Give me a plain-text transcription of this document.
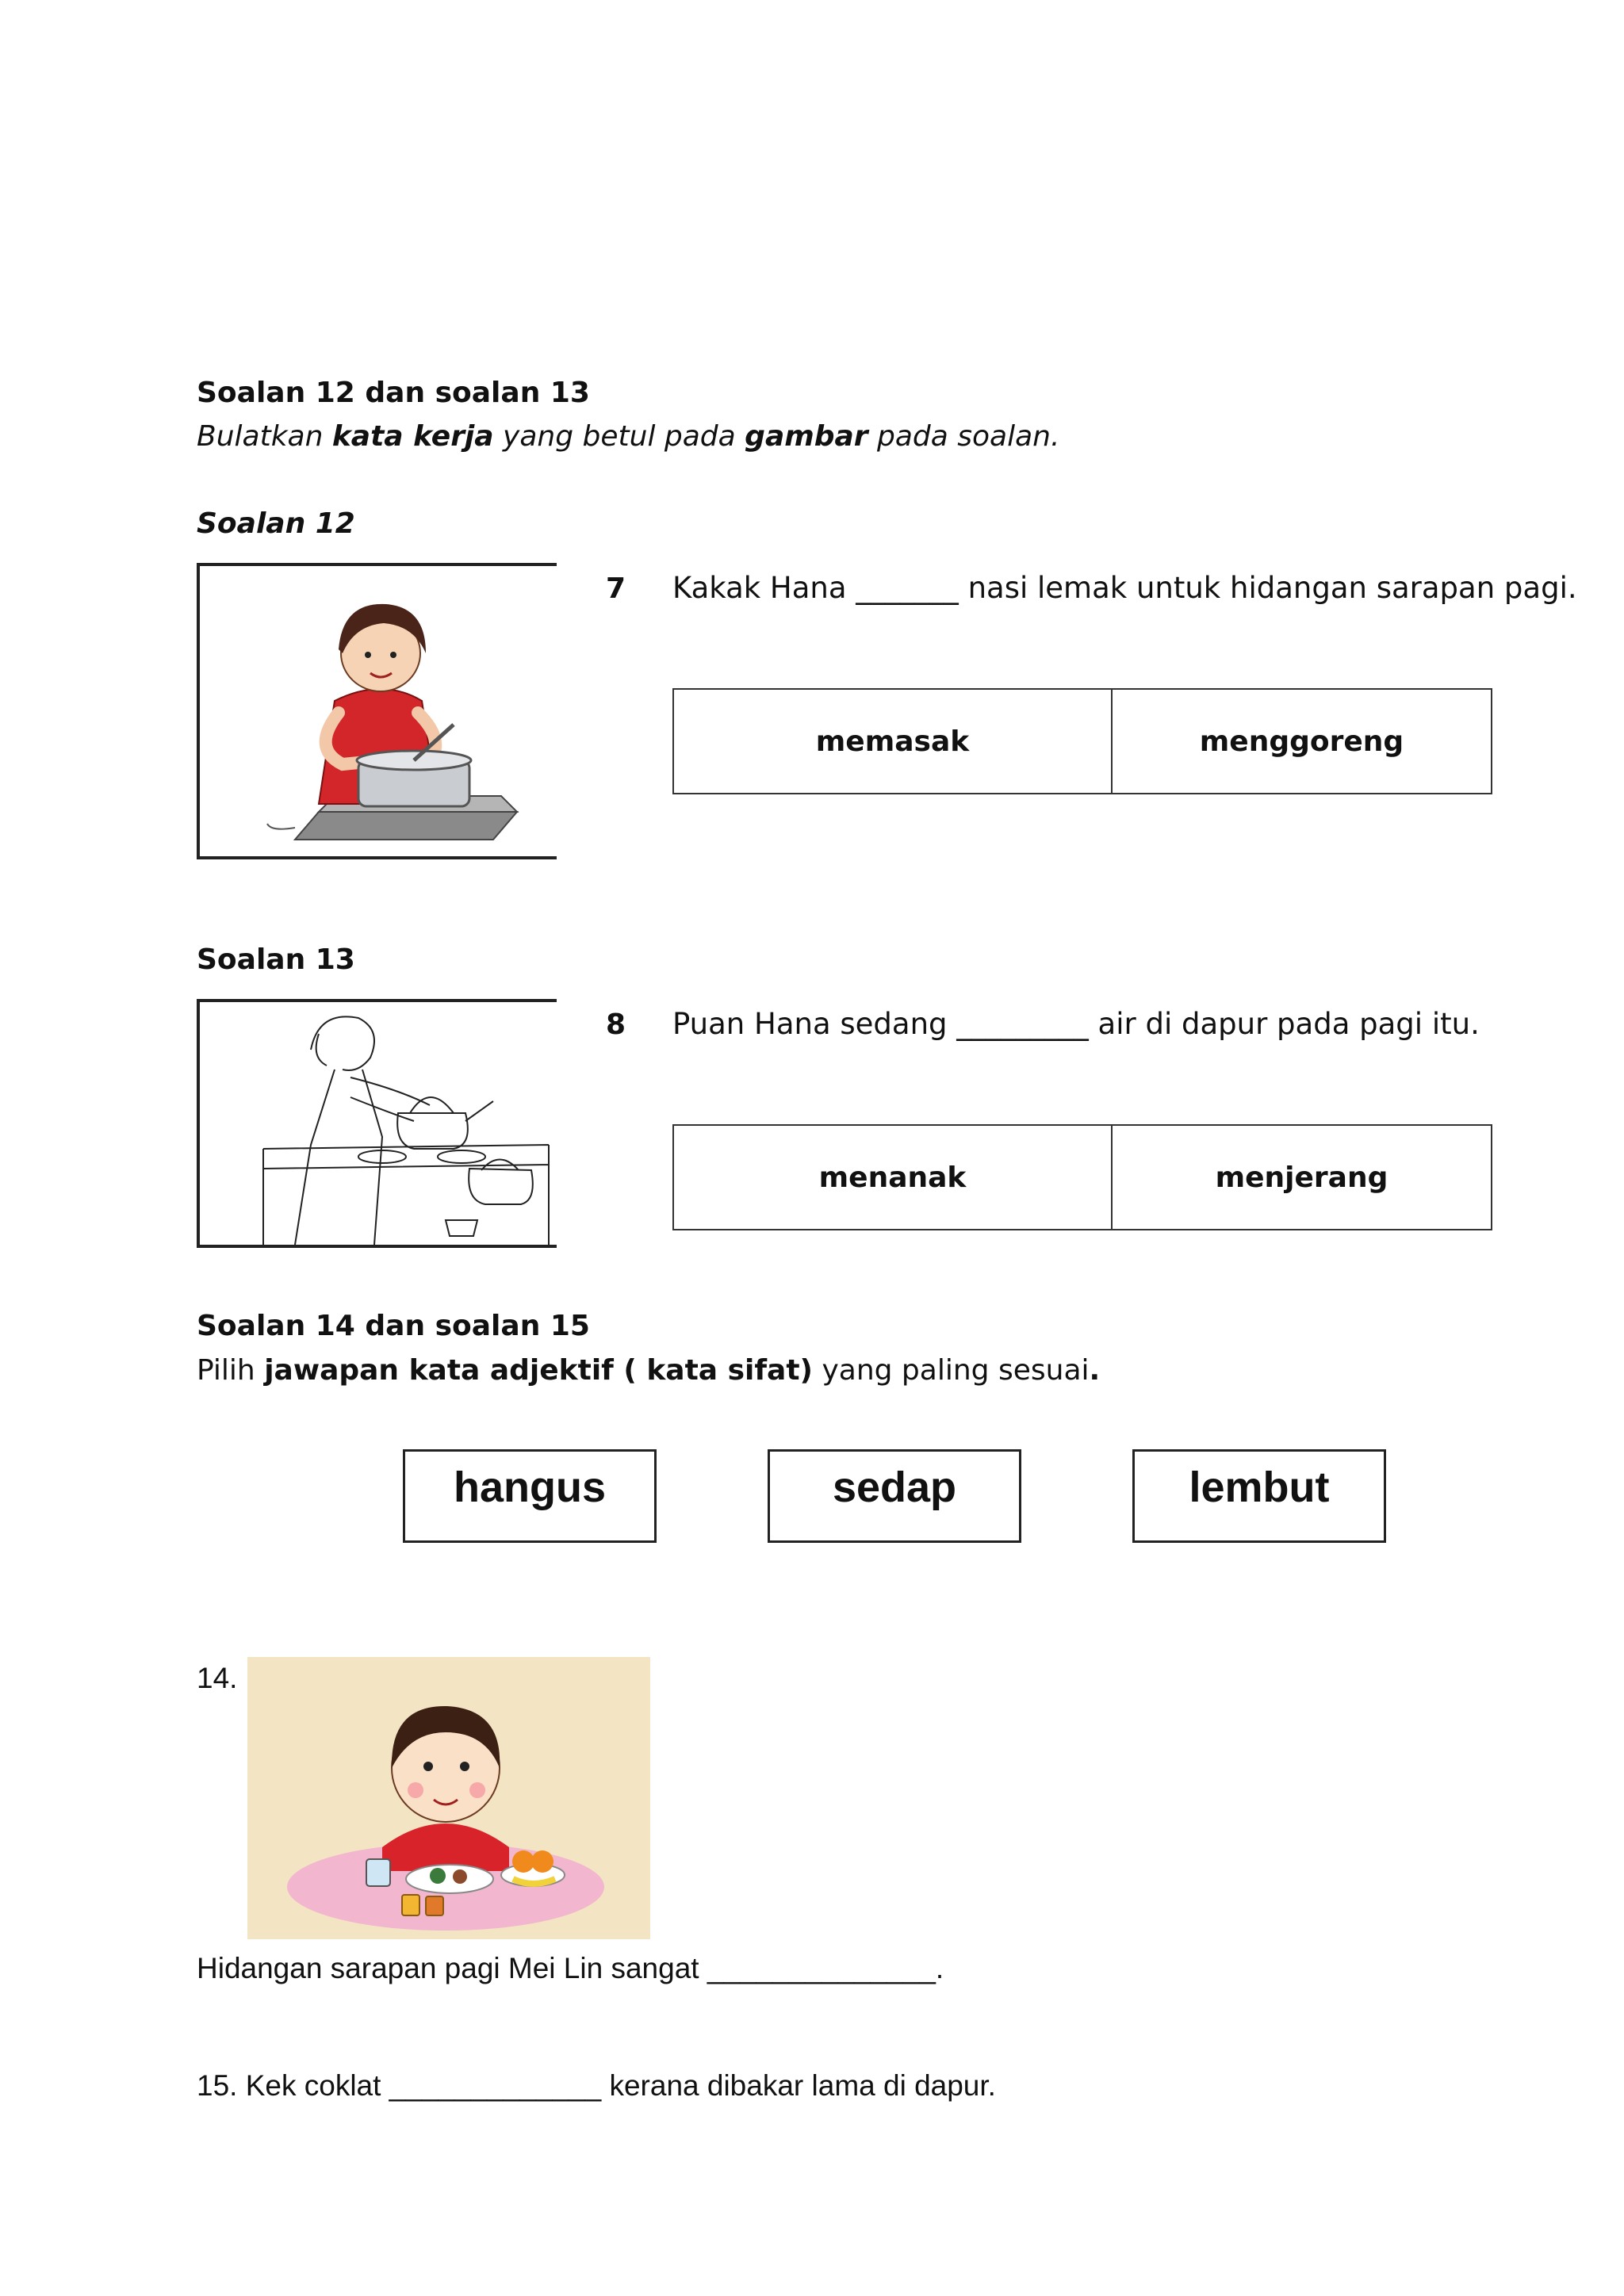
Soalan 12 dan soalan 13
Bulatkan kata kerja yang betul pada gambar pada soalan.
Soalan 12
7 Kakak Hana _______ nasi lemak untuk hidangan sarapan pagi.
memasak	menggoreng
Soalan 13
8 Puan Hana sedang _________ air di dapur pada pagi itu.
menanak	menjerang
Soalan 14 dan soalan 15
Pilih jawapan kata adjektif ( kata sifat) yang paling sesuai.
hangus	sedap	lembut
14.
Hidangan sarapan pagi Mei Lin sangat ______________.
15. Kek coklat _____________ kerana dibakar lama di dapur.
